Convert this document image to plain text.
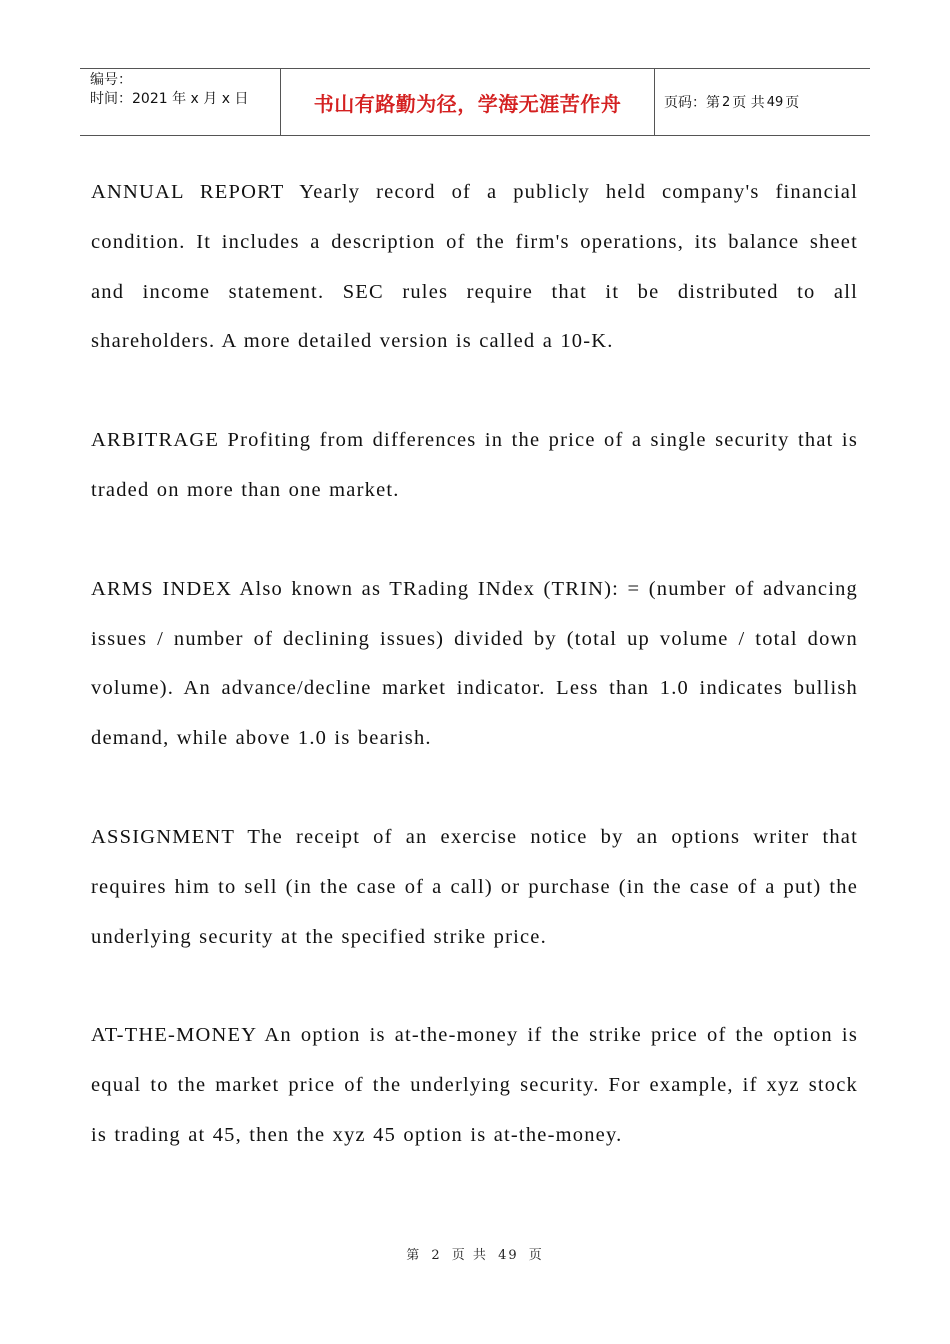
编号：
时间：2021 年 x 月 x 日	书山有路勤为径，学海无涯苦作舟	页码：第 2 页 共 49 页

ANNUAL REPORT Yearly record of a publicly held company's financial condition. It includes a description of the firm's operations, its balance sheet and income statement. SEC rules require that it be distributed to all shareholders. A more detailed version is called a 10-K.

ARBITRAGE Profiting from differences in the price of a single security that is traded on more than one market.

ARMS INDEX Also known as TRading INdex (TRIN): = (number of advancing issues / number of declining issues) divided by (total up volume / total down volume). An advance/decline market indicator. Less than 1.0 indicates bullish demand, while above 1.0 is bearish.

ASSIGNMENT The receipt of an exercise notice by an options writer that requires him to sell (in the case of a call) or purchase (in the case of a put) the underlying security at the specified strike price.

AT-THE-MONEY An option is at-the-money if the strike price of the option is equal to the market price of the underlying security. For example, if xyz stock is trading at 45, then the xyz 45 option is at-the-money.

第 2 页 共 49 页
